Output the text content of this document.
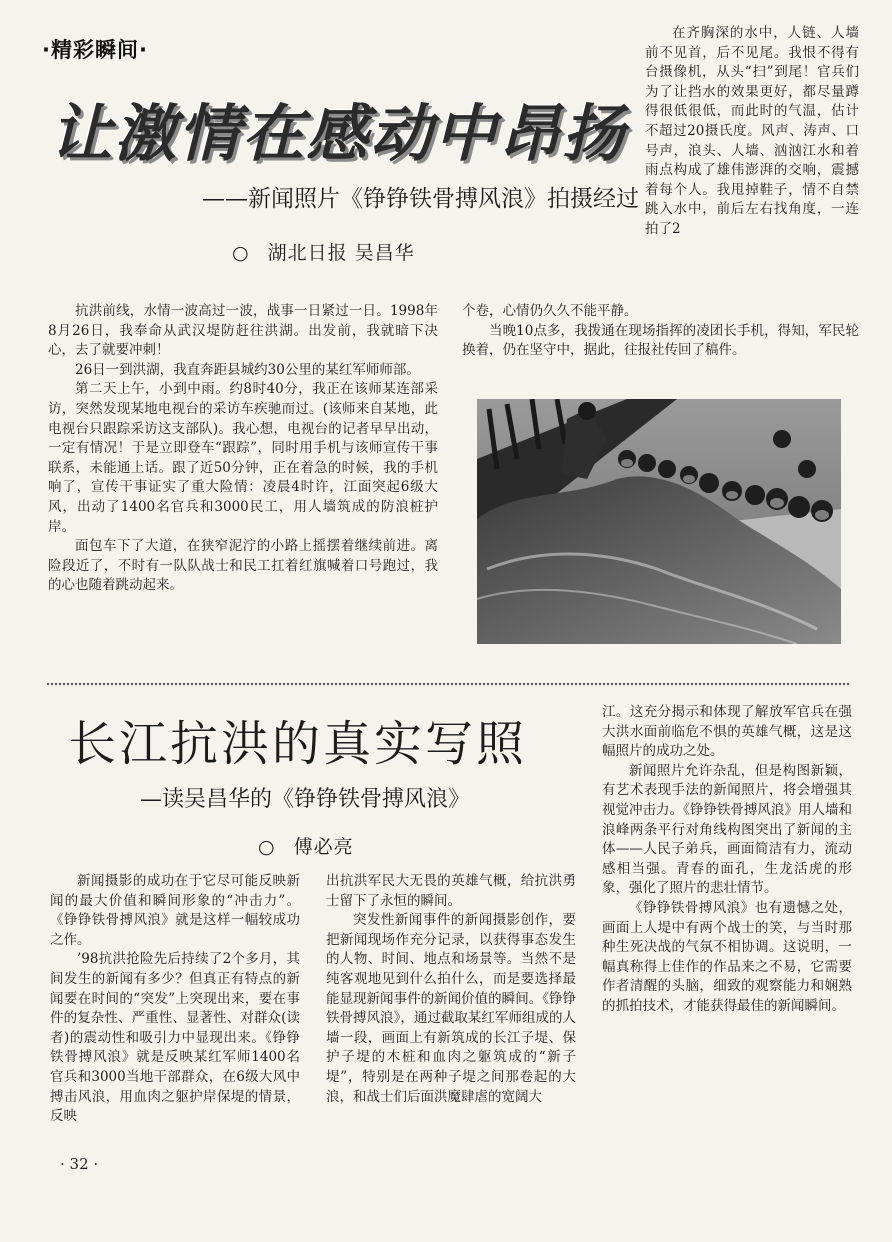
·精彩瞬间·
让激情在感动中昂扬
——新闻照片《铮铮铁骨搏风浪》拍摄经过
○ 湖北日报 吴昌华

在齐胸深的水中，人链、人墙前不见首，后不见尾。我恨不得有台摄像机，从头“扫”到尾！官兵们为了让挡水的效果更好，都尽量蹲得很低很低，而此时的气温，估计不超过20摄氏度。风声、涛声、口号声，浪头、人墙、汹汹江水和着雨点构成了雄伟澎湃的交响，震撼着每个人。我甩掉鞋子，情不自禁跳入水中，前后左右找角度，一连拍了2

个卷，心情仍久久不能平静。

当晚10点多，我拨通在现场指挥的凌团长手机，得知，军民轮换着，仍在坚守中，据此，往报社传回了稿件。

抗洪前线，水情一波高过一波，战事一日紧过一日。1998年8月26日，我奉命从武汉堤防赶往洪湖。出发前，我就暗下决心，去了就要冲刺！

26日一到洪湖，我直奔距县城约30公里的某红军师师部。

第二天上午，小到中雨。约8时40分，我正在该师某连部采访，突然发现某地电视台的采访车疾驰而过。(该师来自某地，此电视台只跟踪采访这支部队)。我心想，电视台的记者早早出动，一定有情况！于是立即登车“跟踪”，同时用手机与该师宣传干事联系，未能通上话。跟了近50分钟，正在着急的时候，我的手机响了，宣传干事证实了重大险情：凌晨4时许，江面突起6级大风，出动了1400名官兵和3000民工，用人墙筑成的防浪桩护岸。

面包车下了大道，在狭窄泥泞的小路上摇摆着继续前进。离险段近了，不时有一队队战士和民工扛着红旗喊着口号跑过，我的心也随着跳动起来。

长江抗洪的真实写照
—读吴昌华的《铮铮铁骨搏风浪》
○ 傅必亮

新闻摄影的成功在于它尽可能反映新闻的最大价值和瞬间形象的“冲击力”。《铮铮铁骨搏风浪》就是这样一幅较成功之作。

’98抗洪抢险先后持续了2个多月，其间发生的新闻有多少？但真正有特点的新闻要在时间的“突发”上突现出来，要在事件的复杂性、严重性、显著性、对群众(读者)的震动性和吸引力中显现出来。《铮铮铁骨搏风浪》就是反映某红军师1400名官兵和3000当地干部群众，在6级大风中搏击风浪，用血肉之躯护岸保堤的情景，反映

出抗洪军民大无畏的英雄气概，给抗洪勇士留下了永恒的瞬间。

突发性新闻事件的新闻摄影创作，要把新闻现场作充分记录，以获得事态发生的人物、时间、地点和场景等。当然不是纯客观地见到什么拍什么，而是要选择最能显现新闻事件的新闻价值的瞬间。《铮铮铁骨搏风浪》，通过截取某红军师组成的人墙一段，画面上有新筑成的长江子堤、保护子堤的木桩和血肉之躯筑成的“新子堤”，特别是在两种子堤之间那卷起的大浪，和战士们后面洪魔肆虐的宽阔大

江。这充分揭示和体现了解放军官兵在强大洪水面前临危不惧的英雄气概，这是这幅照片的成功之处。

新闻照片允许杂乱，但是构图新颖，有艺术表现手法的新闻照片，将会增强其视觉冲击力。《铮铮铁骨搏风浪》用人墙和浪峰两条平行对角线构图突出了新闻的主体——人民子弟兵，画面简洁有力，流动感相当强。青春的面孔，生龙活虎的形象，强化了照片的悲壮情节。

《铮铮铁骨搏风浪》也有遗憾之处，画面上人堤中有两个战士的笑，与当时那种生死决战的气氛不相协调。这说明，一幅真称得上佳作的作品来之不易，它需要作者清醒的头脑，细致的观察能力和娴熟的抓拍技术，才能获得最佳的新闻瞬间。

· 32 ·
